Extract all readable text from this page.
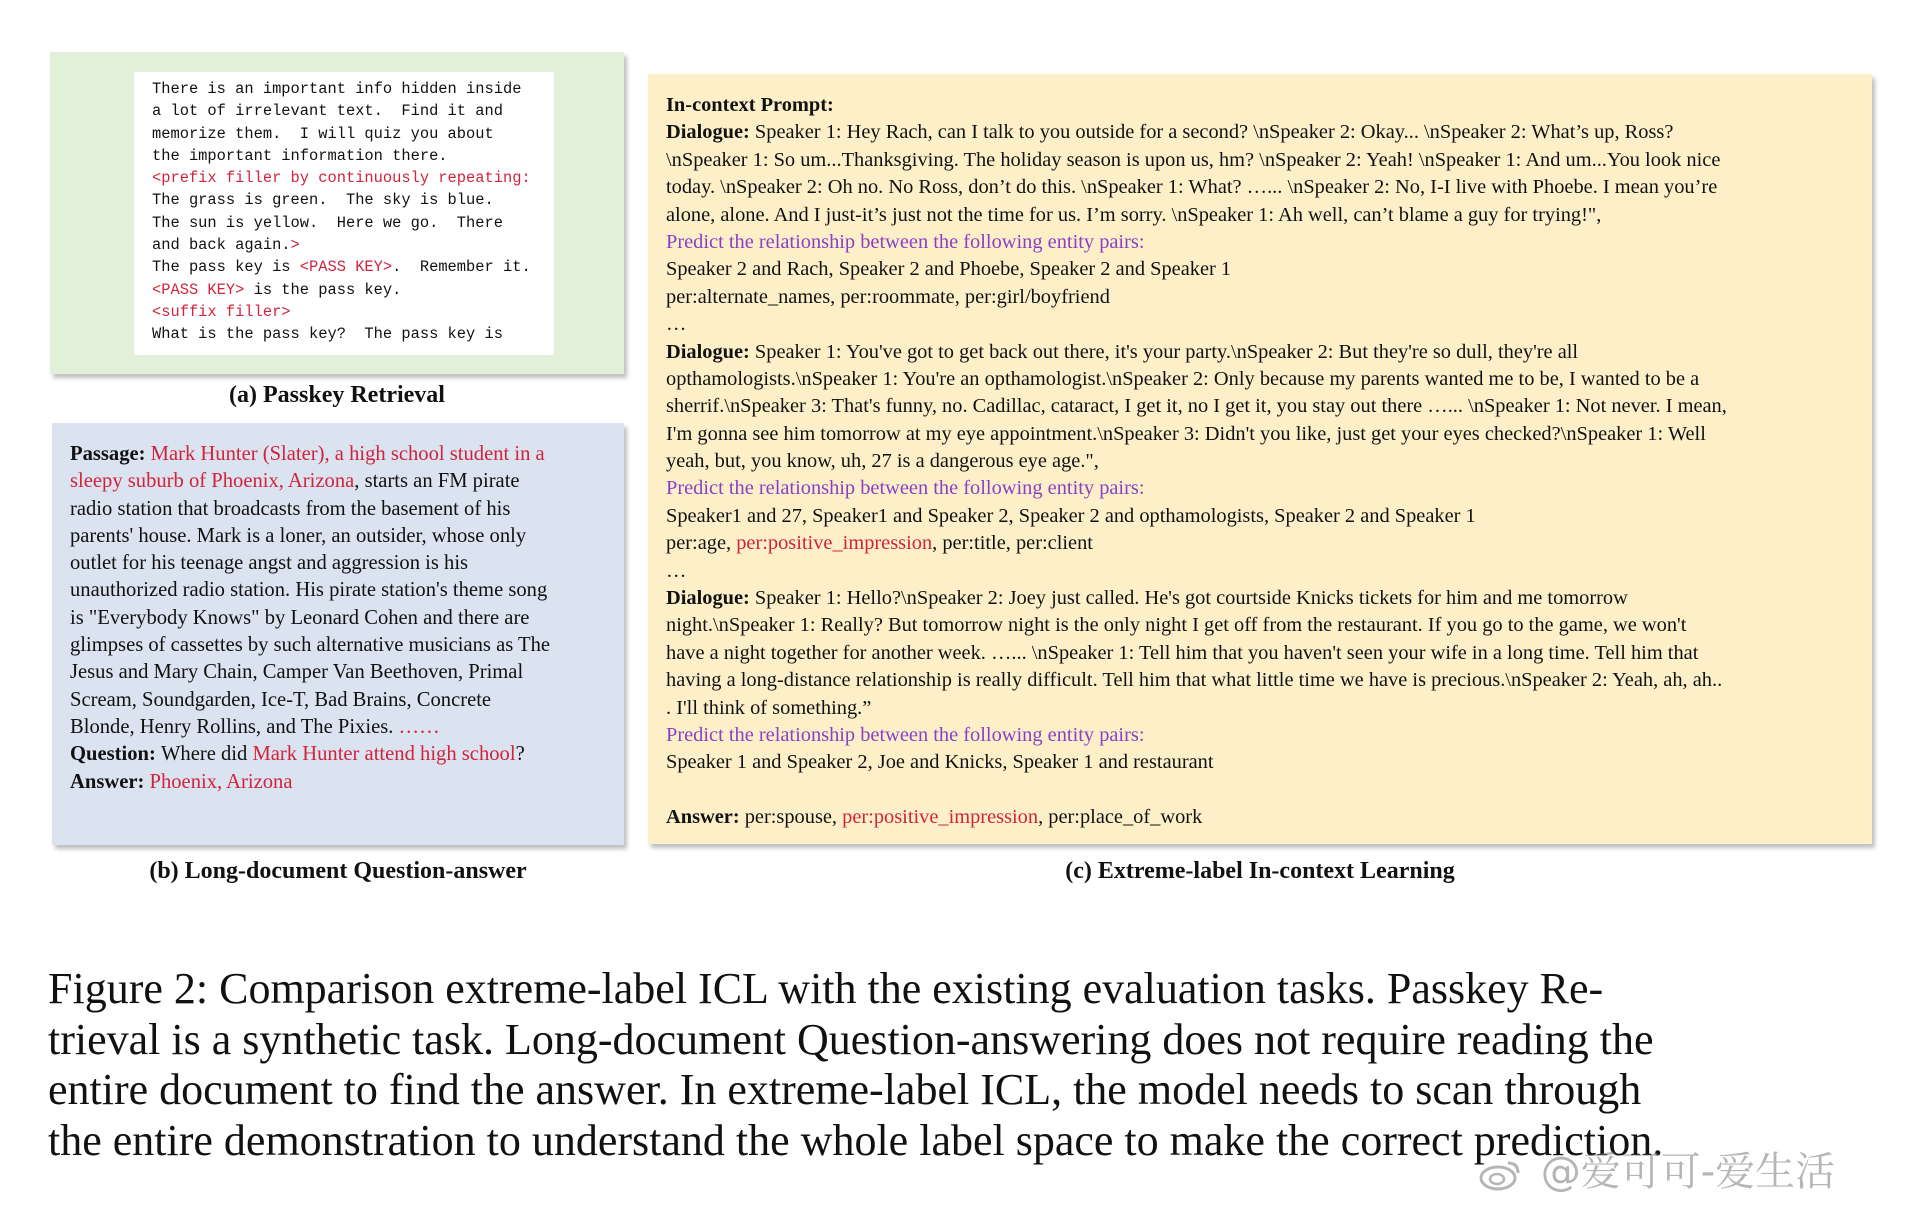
There is an important info hidden inside
a lot of irrelevant text.  Find it and
memorize them.  I will quiz you about
the important information there.
<prefix filler by continuously repeating:
The grass is green.  The sky is blue.
The sun is yellow.  Here we go.  There
and back again.>
The pass key is <PASS KEY>.  Remember it.
<PASS KEY> is the pass key.
<suffix filler>
What is the pass key?  The pass key is

(a) Passkey Retrieval
Passage: Mark Hunter (Slater), a high school student in a
sleepy suburb of Phoenix, Arizona, starts an FM pirate
radio station that broadcasts from the basement of his
parents' house. Mark is a loner, an outsider, whose only
outlet for his teenage angst and aggression is his
unauthorized radio station. His pirate station's theme song
is "Everybody Knows" by Leonard Cohen and there are
glimpses of cassettes by such alternative musicians as The
Jesus and Mary Chain, Camper Van Beethoven, Primal
Scream, Soundgarden, Ice-T, Bad Brains, Concrete
Blonde, Henry Rollins, and The Pixies. ……
Question: Where did Mark Hunter attend high school?
Answer: Phoenix, Arizona
(b) Long-document Question-answer
In-context Prompt:
Dialogue: Speaker 1: Hey Rach, can I talk to you outside for a second? \nSpeaker 2: Okay... \nSpeaker 2: What’s up, Ross?
\nSpeaker 1: So um...Thanksgiving. The holiday season is upon us, hm? \nSpeaker 2: Yeah! \nSpeaker 1: And um...You look nice
today. \nSpeaker 2: Oh no. No Ross, don’t do this. \nSpeaker 1: What? …... \nSpeaker 2: No, I-I live with Phoebe. I mean you’re
alone, alone. And I just-it’s just not the time for us. I’m sorry. \nSpeaker 1: Ah well, can’t blame a guy for trying!",
Predict the relationship between the following entity pairs:
Speaker 2 and Rach, Speaker 2 and Phoebe, Speaker 2 and Speaker 1
per:alternate_names, per:roommate, per:girl/boyfriend
…
Dialogue: Speaker 1: You've got to get back out there, it's your party.\nSpeaker 2: But they're so dull, they're all
opthamologists.\nSpeaker 1: You're an opthamologist.\nSpeaker 2: Only because my parents wanted me to be, I wanted to be a
sherrif.\nSpeaker 3: That's funny, no. Cadillac, cataract, I get it, no I get it, you stay out there …... \nSpeaker 1: Not never. I mean,
I'm gonna see him tomorrow at my eye appointment.\nSpeaker 3: Didn't you like, just get your eyes checked?\nSpeaker 1: Well
yeah, but, you know, uh, 27 is a dangerous eye age.",
Predict the relationship between the following entity pairs:
Speaker1 and 27, Speaker1 and Speaker 2, Speaker 2 and opthamologists, Speaker 2 and Speaker 1
per:age, per:positive_impression, per:title, per:client
…
Dialogue: Speaker 1: Hello?\nSpeaker 2: Joey just called. He's got courtside Knicks tickets for him and me tomorrow
night.\nSpeaker 1: Really? But tomorrow night is the only night I get off from the restaurant. If you go to the game, we won't
have a night together for another week. …... \nSpeaker 1: Tell him that you haven't seen your wife in a long time. Tell him that
having a long-distance relationship is really difficult. Tell him that what little time we have is precious.\nSpeaker 2: Yeah, ah, ah..
. I'll think of something.”
Predict the relationship between the following entity pairs:
Speaker 1 and Speaker 2, Joe and Knicks, Speaker 1 and restaurant
Answer: per:spouse, per:positive_impression, per:place_of_work
(c) Extreme-label In-context Learning
Figure 2: Comparison extreme-label ICL with the existing evaluation tasks. Passkey Re-
trieval is a synthetic task. Long-document Question-answering does not require reading the
entire document to find the answer. In extreme-label ICL, the model needs to scan through
the entire demonstration to understand the whole label space to make the correct prediction.
@爱可可-爱生活
